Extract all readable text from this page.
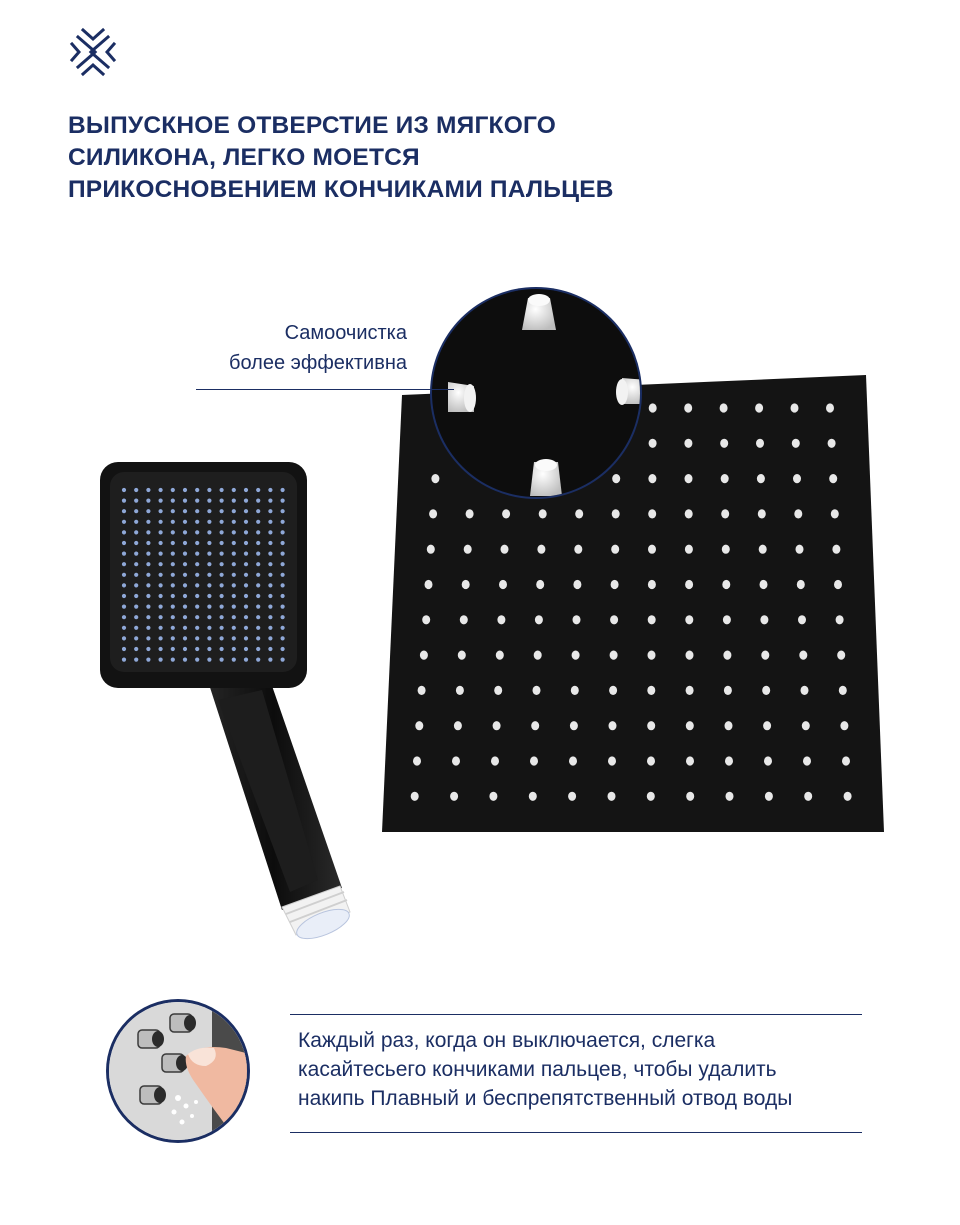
ВЫПУСКНОЕ ОТВЕРСТИЕ ИЗ МЯГКОГО
СИЛИКОНА, ЛЕГКО МОЕТСЯ
ПРИКОСНОВЕНИЕМ КОНЧИКАМИ ПАЛЬЦЕВ
Самоочистка
более эффективна
Каждый раз, когда он выключается, слегка
касайтесьего кончиками пальцев, чтобы удалить
накипь Плавный и беспрепятственный отвод воды
